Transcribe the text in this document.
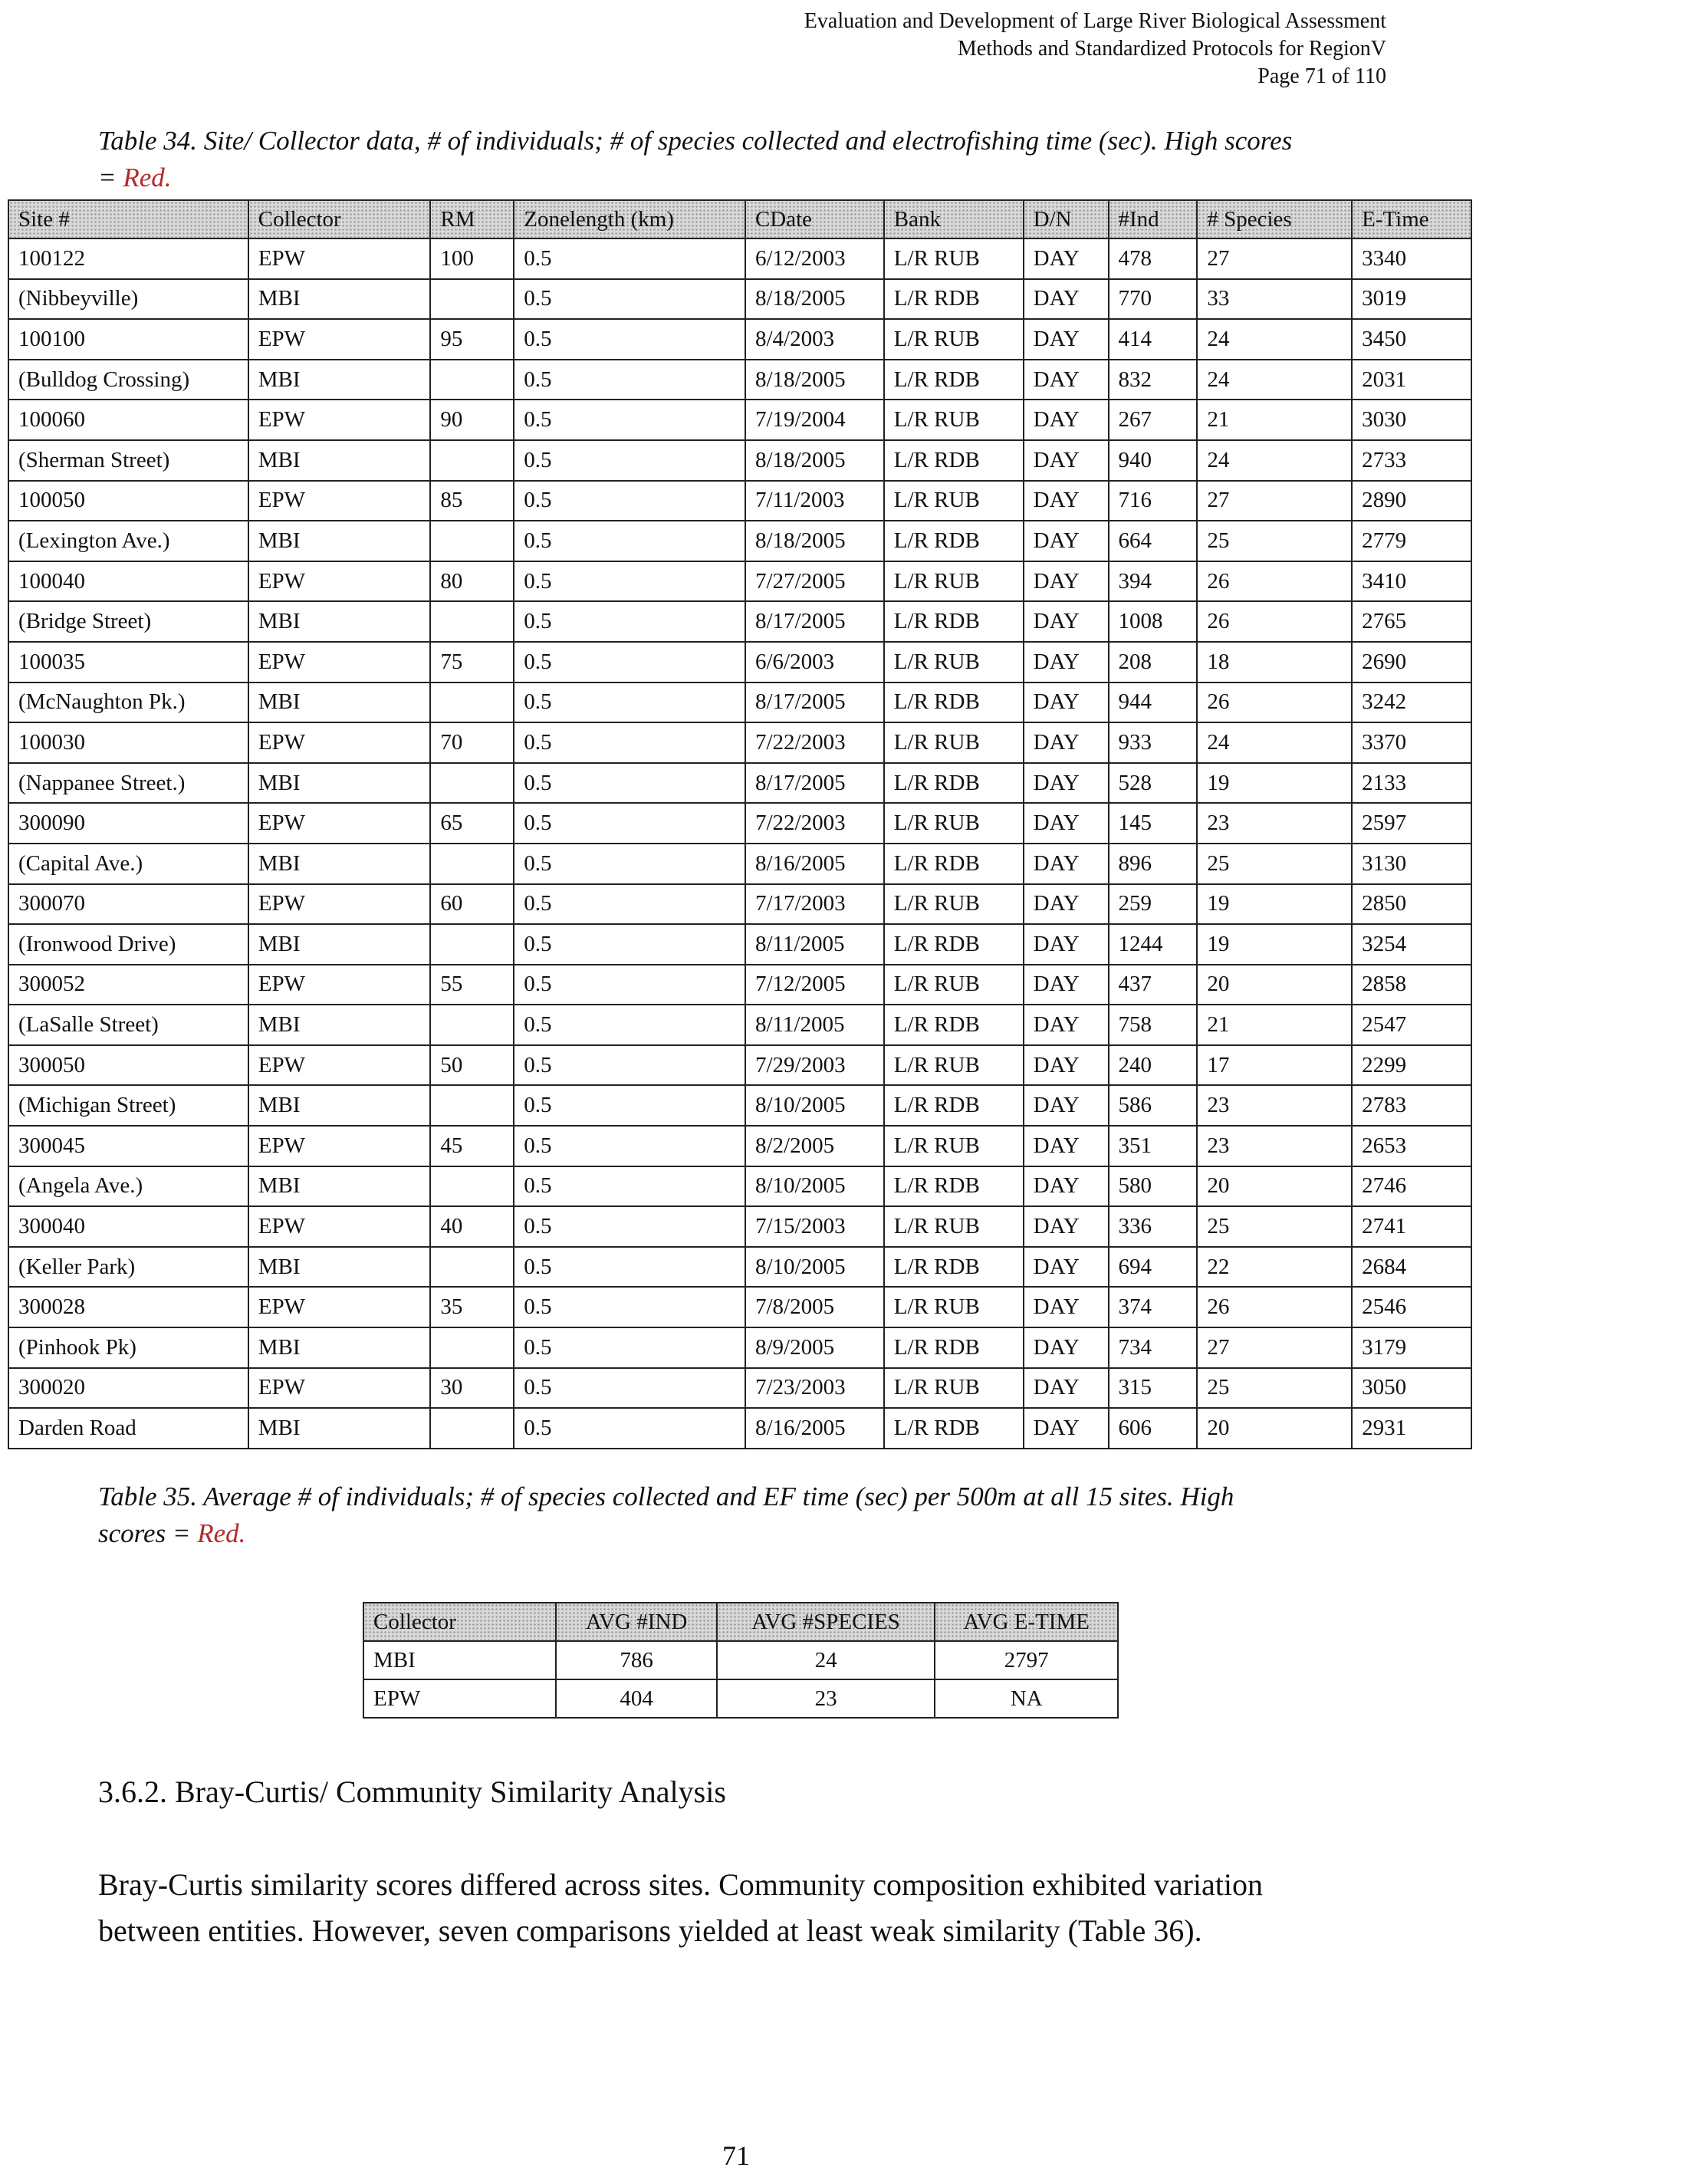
Evaluation and Development of Large River Biological Assessment
Methods and Standardized Protocols for RegionV
Page 71 of 110
Table 34. Site/ Collector data, # of individuals; # of species collected and electrofishing time (sec). High scores
= Red.
Site #	Collector	RM	Zonelength (km)	CDate	Bank	D/N	#Ind	# Species	E-Time
100122	EPW	100	0.5	6/12/2003	L/R RUB	DAY	478	27	3340
(Nibbeyville)	MBI		0.5	8/18/2005	L/R RDB	DAY	770	33	3019
100100	EPW	95	0.5	8/4/2003	L/R RUB	DAY	414	24	3450
(Bulldog Crossing)	MBI		0.5	8/18/2005	L/R RDB	DAY	832	24	2031
100060	EPW	90	0.5	7/19/2004	L/R RUB	DAY	267	21	3030
(Sherman Street)	MBI		0.5	8/18/2005	L/R RDB	DAY	940	24	2733
100050	EPW	85	0.5	7/11/2003	L/R RUB	DAY	716	27	2890
(Lexington Ave.)	MBI		0.5	8/18/2005	L/R RDB	DAY	664	25	2779
100040	EPW	80	0.5	7/27/2005	L/R RUB	DAY	394	26	3410
(Bridge Street)	MBI		0.5	8/17/2005	L/R RDB	DAY	1008	26	2765
100035	EPW	75	0.5	6/6/2003	L/R RUB	DAY	208	18	2690
(McNaughton Pk.)	MBI		0.5	8/17/2005	L/R RDB	DAY	944	26	3242
100030	EPW	70	0.5	7/22/2003	L/R RUB	DAY	933	24	3370
(Nappanee Street.)	MBI		0.5	8/17/2005	L/R RDB	DAY	528	19	2133
300090	EPW	65	0.5	7/22/2003	L/R RUB	DAY	145	23	2597
(Capital Ave.)	MBI		0.5	8/16/2005	L/R RDB	DAY	896	25	3130
300070	EPW	60	0.5	7/17/2003	L/R RUB	DAY	259	19	2850
(Ironwood Drive)	MBI		0.5	8/11/2005	L/R RDB	DAY	1244	19	3254
300052	EPW	55	0.5	7/12/2005	L/R RUB	DAY	437	20	2858
(LaSalle Street)	MBI		0.5	8/11/2005	L/R RDB	DAY	758	21	2547
300050	EPW	50	0.5	7/29/2003	L/R RUB	DAY	240	17	2299
(Michigan Street)	MBI		0.5	8/10/2005	L/R RDB	DAY	586	23	2783
300045	EPW	45	0.5	8/2/2005	L/R RUB	DAY	351	23	2653
(Angela Ave.)	MBI		0.5	8/10/2005	L/R RDB	DAY	580	20	2746
300040	EPW	40	0.5	7/15/2003	L/R RUB	DAY	336	25	2741
(Keller Park)	MBI		0.5	8/10/2005	L/R RDB	DAY	694	22	2684
300028	EPW	35	0.5	7/8/2005	L/R RUB	DAY	374	26	2546
(Pinhook Pk)	MBI		0.5	8/9/2005	L/R RDB	DAY	734	27	3179
300020	EPW	30	0.5	7/23/2003	L/R RUB	DAY	315	25	3050
Darden Road	MBI		0.5	8/16/2005	L/R RDB	DAY	606	20	2931
Table 35. Average # of individuals; # of species collected and EF time (sec) per 500m at all 15 sites. High
scores = Red.
Collector	AVG #IND	AVG #SPECIES	AVG E-TIME
MBI	786	24	2797
EPW	404	23	NA
3.6.2. Bray-Curtis/ Community Similarity Analysis
Bray-Curtis similarity scores differed across sites. Community composition exhibited variation between entities. However, seven comparisons yielded at least weak similarity (Table 36).
71
